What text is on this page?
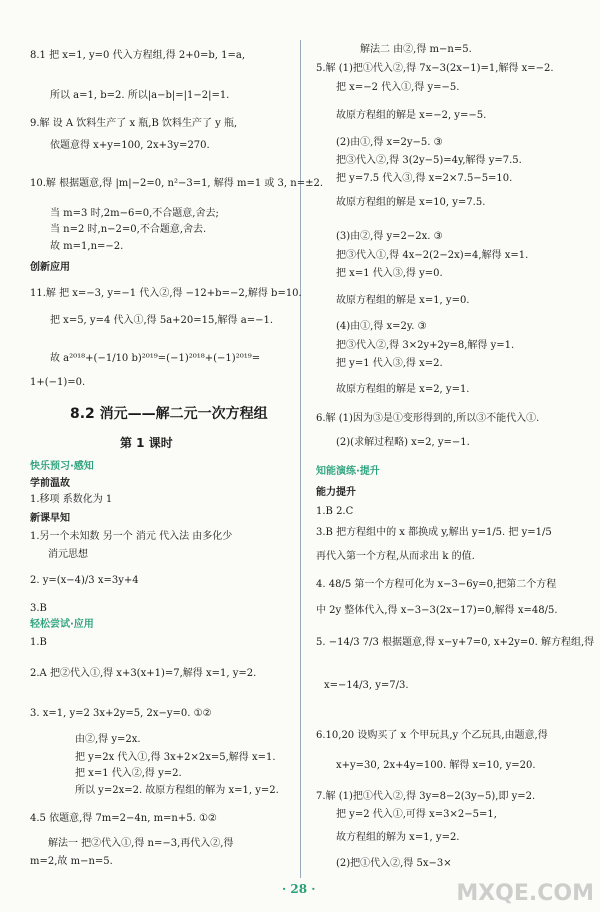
8.1 把 x=1, y=0 代入方程组,得 2+0=b, 1=a,
所以 a=1, b=2. 所以|a−b|=|1−2|=1.
9.解 设 A 饮料生产了 x 瓶,B 饮料生产了 y 瓶,
依题意得 x+y=100, 2x+3y=270.
10.解 根据题意,得 |m|−2=0, n²−3=1, 解得 m=1 或 3, n=±2.
当 m=3 时,2m−6=0,不合题意,舍去;
当 n=2 时,n−2=0,不合题意,舍去.
故 m=1,n=−2.
创新应用
11.解 把 x=−3, y=−1 代入②,得 −12+b=−2,解得 b=10.
把 x=5, y=4 代入①,得 5a+20=15,解得 a=−1.
故 a²⁰¹⁸+(−1/10 b)²⁰¹⁹=(−1)²⁰¹⁸+(−1)²⁰¹⁹=
1+(−1)=0.
8.2 消元——解二元一次方程组
第 1 课时
快乐预习·感知
学前温故
1.移项 系数化为 1
新课早知
1.另一个未知数 另一个 消元 代入法 由多化少
消元思想
2. y=(x−4)/3 x=3y+4
3.B
轻松尝试·应用
1.B
2.A 把②代入①,得 x+3(x+1)=7,解得 x=1, y=2.
3. x=1, y=2 3x+2y=5, 2x−y=0. ①②
由②,得 y=2x.
把 y=2x 代入①,得 3x+2×2x=5,解得 x=1.
把 x=1 代入②,得 y=2.
所以 y=2x=2. 故原方程组的解为 x=1, y=2.
4.5 依题意,得 7m=2−4n, m=n+5. ①②
解法一 把②代入①,得 n=−3,再代入②,得
m=2,故 m−n=5.
解法二 由②,得 m−n=5.
5.解 (1)把①代入②,得 7x−3(2x−1)=1,解得 x=−2.
把 x=−2 代入①,得 y=−5.
故原方程组的解是 x=−2, y=−5.
(2)由①,得 x=2y−5. ③
把③代入②,得 3(2y−5)=4y,解得 y=7.5.
把 y=7.5 代入③,得 x=2×7.5−5=10.
故原方程组的解是 x=10, y=7.5.
(3)由②,得 y=2−2x. ③
把③代入①,得 4x−2(2−2x)=4,解得 x=1.
把 x=1 代入③,得 y=0.
故原方程组的解是 x=1, y=0.
(4)由①,得 x=2y. ③
把③代入②,得 3×2y+2y=8,解得 y=1.
把 y=1 代入③,得 x=2.
故原方程组的解是 x=2, y=1.
6.解 (1)因为③是①变形得到的,所以③不能代入①.
(2)(求解过程略) x=2, y=−1.
知能演练·提升
能力提升
1.B 2.C
3.B 把方程组中的 x 都换成 y,解出 y=1/5. 把 y=1/5
再代入第一个方程,从而求出 k 的值.
4. 48/5 第一个方程可化为 x−3−6y=0,把第二个方程
中 2y 整体代入,得 x−3−3(2x−17)=0,解得 x=48/5.
5. −14/3 7/3 根据题意,得 x−y+7=0, x+2y=0. 解方程组,得
x=−14/3, y=7/3.
6.10,20 设购买了 x 个甲玩具,y 个乙玩具,由题意,得
x+y=30, 2x+4y=100. 解得 x=10, y=20.
7.解 (1)把①代入②,得 3y=8−2(3y−5),即 y=2.
把 y=2 代入①,可得 x=3×2−5=1,
故方程组的解为 x=1, y=2.
(2)把①代入②,得 5x−3×
· 28 ·	MXQE.COM
